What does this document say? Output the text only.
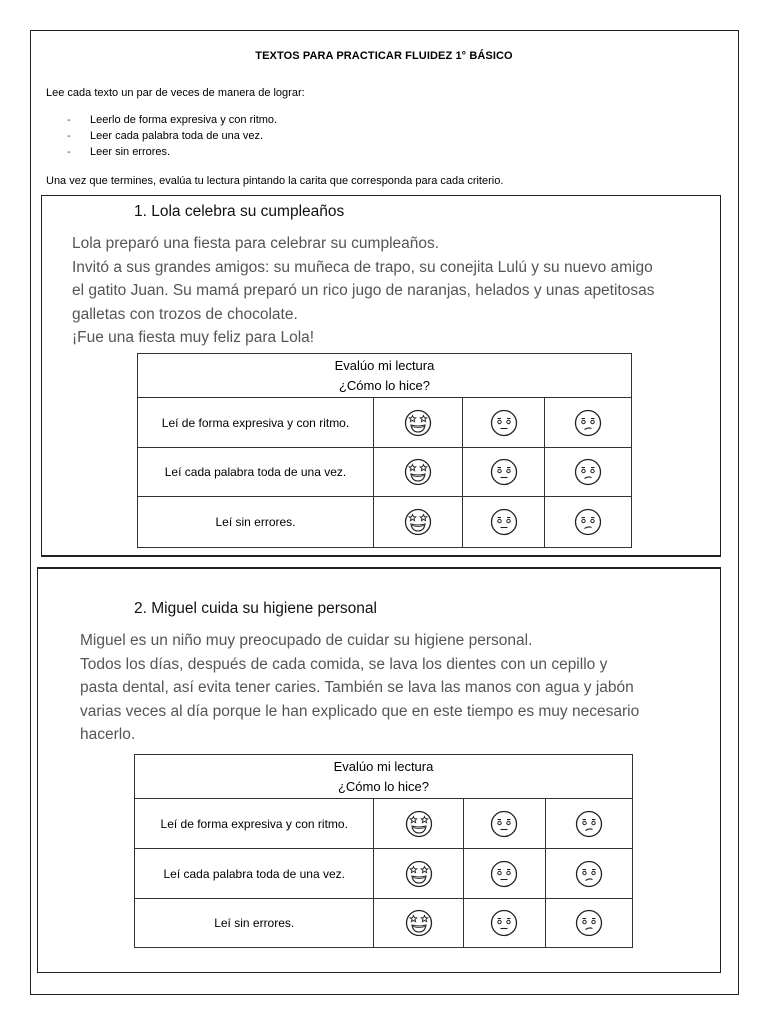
TEXTOS PARA PRACTICAR FLUIDEZ 1° BÁSICO
Lee cada texto un par de veces de manera de lograr:
-	Leerlo de forma expresiva y con ritmo.
-	Leer cada palabra toda de una vez.
-	Leer sin errores.
Una vez que termines, evalúa tu lectura pintando la carita que corresponda para cada criterio.
1. Lola celebra su cumpleaños
Lola preparó una fiesta para celebrar su cumpleaños.
Invitó a sus grandes amigos: su muñeca de trapo, su conejita Lulú y su nuevo amigo
el gatito Juan. Su mamá preparó un rico jugo de naranjas, helados y unas apetitosas
galletas con trozos de chocolate.
¡Fue una fiesta muy feliz para Lola!
Evalúo mi lectura
¿Cómo lo hice?			

Leí de forma expresiva y con ritmo.			
Leí cada palabra toda de una vez.			
Leí sin errores.			
2. Miguel cuida su higiene personal
Miguel es un niño muy preocupado de cuidar su higiene personal.
Todos los días, después de cada comida, se lava los dientes con un cepillo y
pasta dental, así evita tener caries. También se lava las manos con agua y jabón
varias veces al día porque le han explicado que en este tiempo es muy necesario
hacerlo.
Evalúo mi lectura
¿Cómo lo hice?			

Leí de forma expresiva y con ritmo.			
Leí cada palabra toda de una vez.			
Leí sin errores.			
